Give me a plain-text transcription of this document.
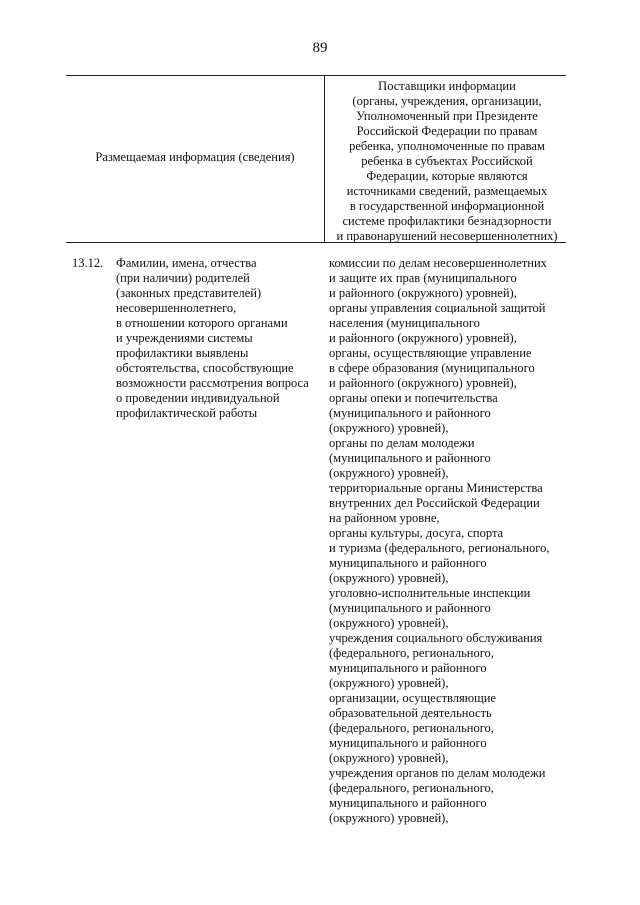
89
Размещаемая информация (сведения)
Поставщики информации
(органы, учреждения, организации,
Уполномоченный при Президенте
Российской Федерации по правам
ребенка, уполномоченные по правам
ребенка в субъектах Российской
Федерации, которые являются
источниками сведений, размещаемых
в государственной информационной
системе профилактики безнадзорности
и правонарушений несовершеннолетних)
13.12. Фамилии, имена, отчества
(при наличии) родителей
(законных представителей)
несовершеннолетнего,
в отношении которого органами
и учреждениями системы
профилактики выявлены
обстоятельства, способствующие
возможности рассмотрения вопроса
о проведении индивидуальной
профилактической работы
комиссии по делам несовершеннолетних
и защите их прав (муниципального
и районного (окружного) уровней),
органы управления социальной защитой
населения (муниципального
и районного (окружного) уровней),
органы, осуществляющие управление
в сфере образования (муниципального
и районного (окружного) уровней),
органы опеки и попечительства
(муниципального и районного
(окружного) уровней),
органы по делам молодежи
(муниципального и районного
(окружного) уровней),
территориальные органы Министерства
внутренних дел Российской Федерации
на районном уровне,
органы культуры, досуга, спорта
и туризма (федерального, регионального,
муниципального и районного
(окружного) уровней),
уголовно-исполнительные инспекции
(муниципального и районного
(окружного) уровней),
учреждения социального обслуживания
(федерального, регионального,
муниципального и районного
(окружного) уровней),
организации, осуществляющие
образовательной деятельность
(федерального, регионального,
муниципального и районного
(окружного) уровней),
учреждения органов по делам молодежи
(федерального, регионального,
муниципального и районного
(окружного) уровней),
